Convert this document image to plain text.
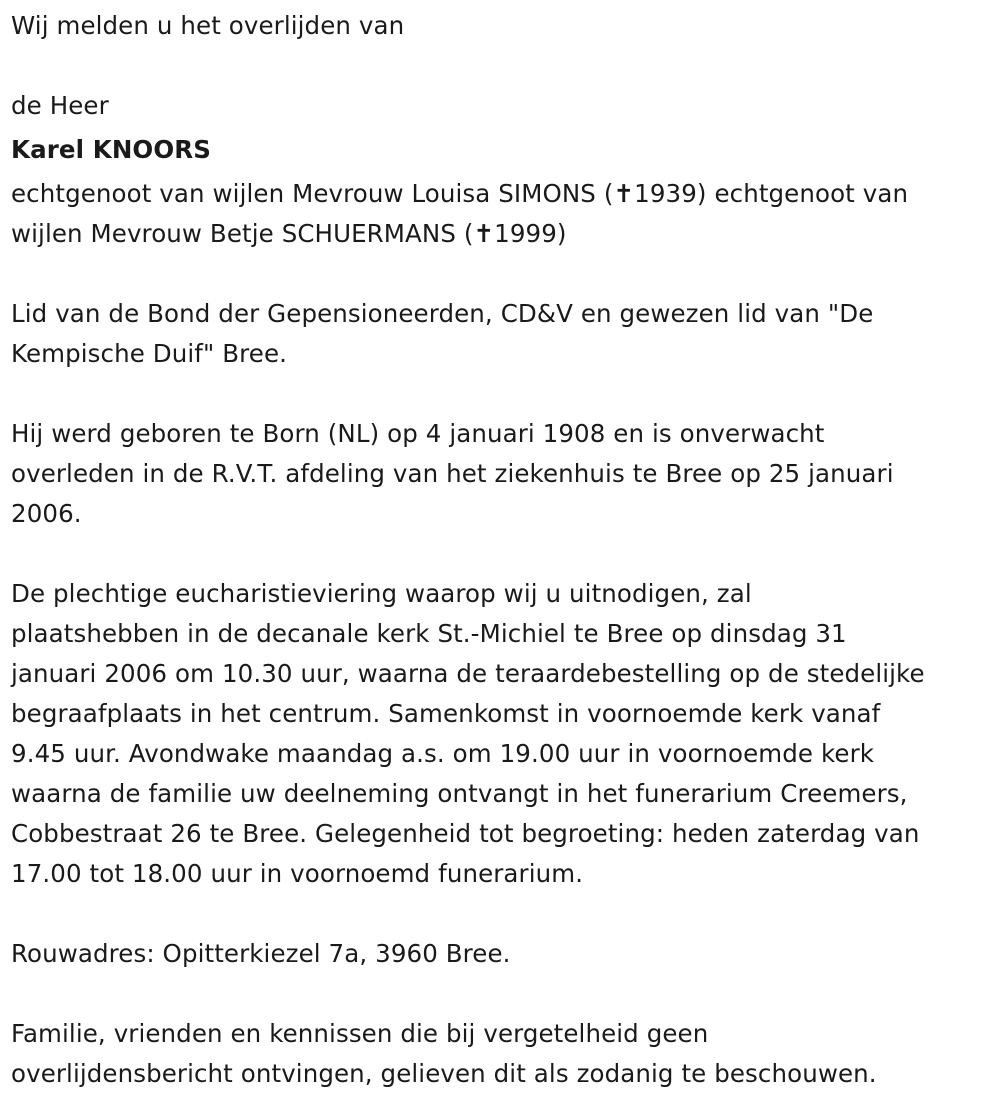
Wij melden u het overlijden van

de Heer

Karel KNOORS

echtgenoot van wijlen Mevrouw Louisa SIMONS (✝1939) echtgenoot van

wijlen Mevrouw Betje SCHUERMANS (✝1999)

Lid van de Bond der Gepensioneerden, CD&V en gewezen lid van "De

Kempische Duif" Bree.

Hij werd geboren te Born (NL) op 4 januari 1908 en is onverwacht

overleden in de R.V.T. afdeling van het ziekenhuis te Bree op 25 januari

2006.

De plechtige eucharistieviering waarop wij u uitnodigen, zal

plaatshebben in de decanale kerk St.-Michiel te Bree op dinsdag 31

januari 2006 om 10.30 uur, waarna de teraardebestelling op de stedelijke

begraafplaats in het centrum. Samenkomst in voornoemde kerk vanaf

9.45 uur. Avondwake maandag a.s. om 19.00 uur in voornoemde kerk

waarna de familie uw deelneming ontvangt in het funerarium Creemers,

Cobbestraat 26 te Bree. Gelegenheid tot begroeting: heden zaterdag van

17.00 tot 18.00 uur in voornoemd funerarium.

Rouwadres: Opitterkiezel 7a, 3960 Bree.

Familie, vrienden en kennissen die bij vergetelheid geen

overlijdensbericht ontvingen, gelieven dit als zodanig te beschouwen.
